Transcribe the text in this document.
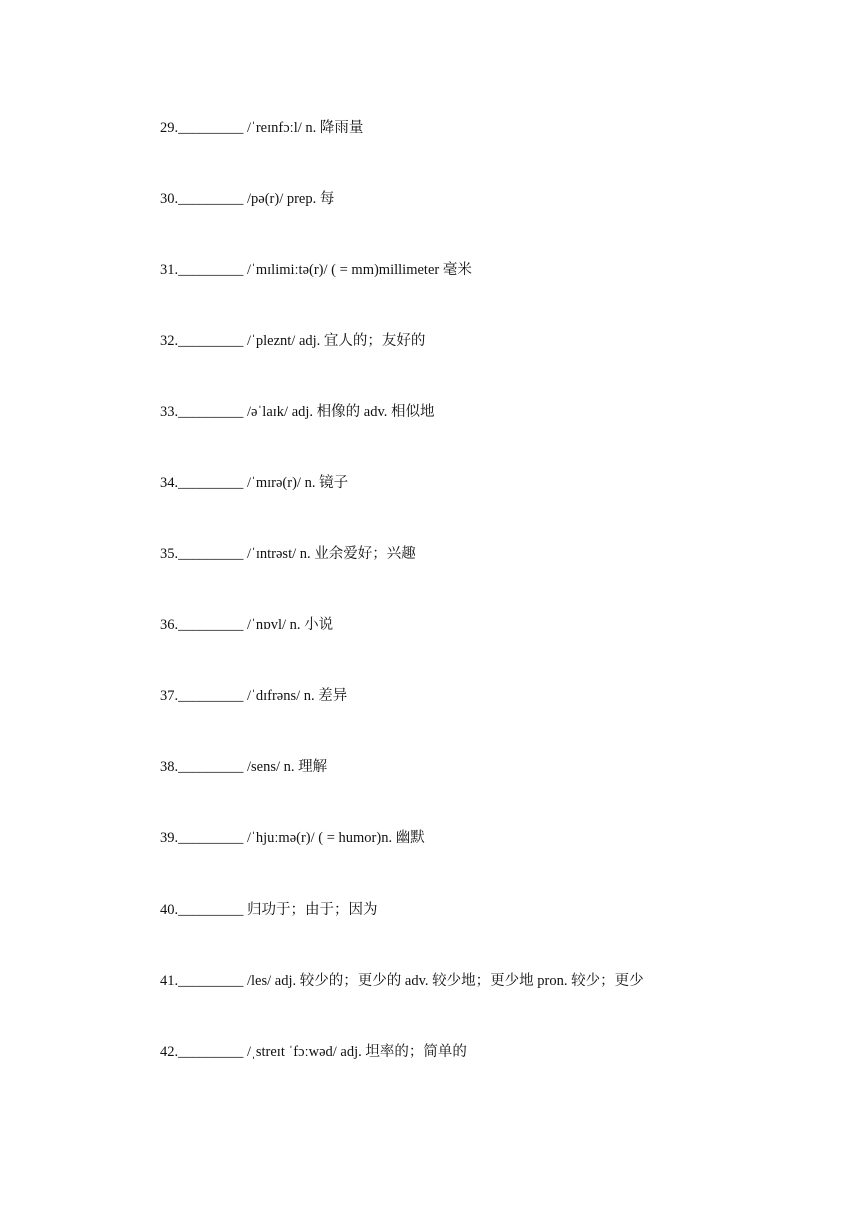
29._________ /ˈreɪnfɔːl/ n. 降雨量
30._________ /pə(r)/ prep. 每
31._________ /ˈmɪlimiːtə(r)/ ( = mm)millimeter 毫米
32._________ /ˈpleznt/ adj. 宜人的；友好的
33._________ /əˈlaɪk/ adj. 相像的 adv. 相似地
34._________ /ˈmɪrə(r)/ n. 镜子
35._________ /ˈɪntrəst/ n. 业余爱好；兴趣
36._________ /ˈnɒvl/ n. 小说
37._________ /ˈdɪfrəns/ n. 差异
38._________ /sens/ n. 理解
39._________ /ˈhjuːmə(r)/ ( = humor)n. 幽默
40._________ 归功于；由于；因为
41._________ /les/ adj. 较少的；更少的 adv. 较少地；更少地 pron. 较少；更少
42._________ /ˌstreɪt ˈfɔːwəd/ adj. 坦率的；简单的
